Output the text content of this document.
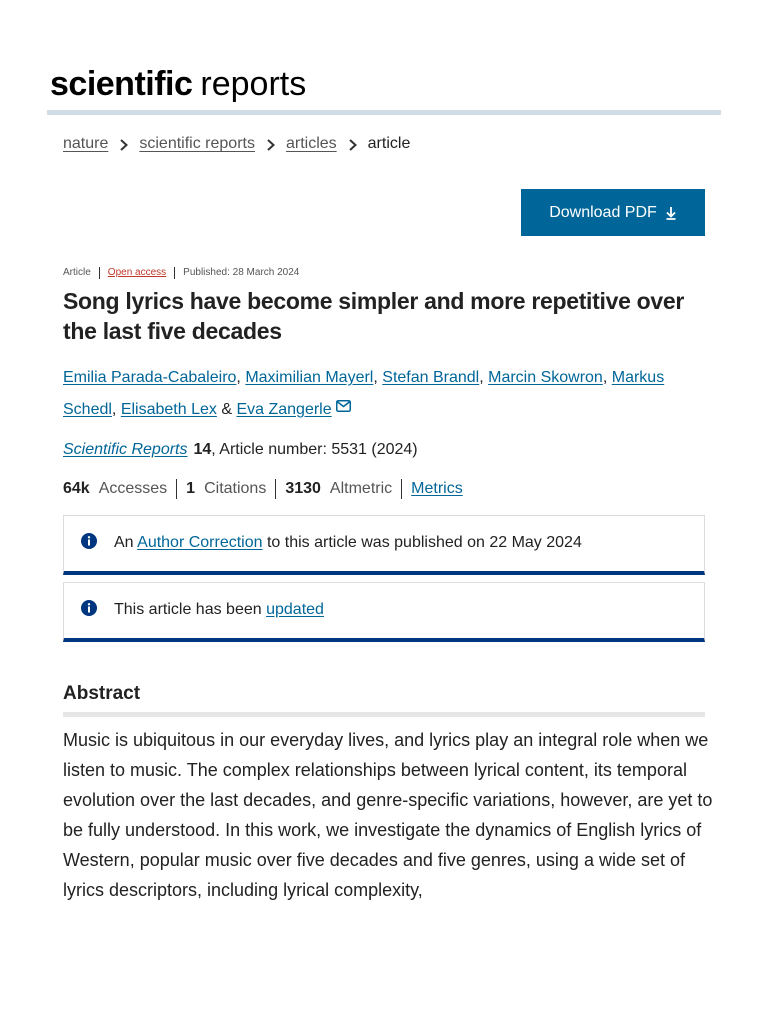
scientific reports
nature scientific reports articles article
Download PDF
Article Open access Published: 28 March 2024
Song lyrics have become simpler and more repetitive over the last five decades
Emilia Parada-Cabaleiro, Maximilian Mayerl, Stefan Brandl, Marcin Skowron, Markus Schedl, Elisabeth Lex & Eva Zangerle
Scientific Reports 14, Article number: 5531 (2024)
64k Accesses 1 Citations 3130 Altmetric Metrics
An Author Correction to this article was published on 22 May 2024
This article has been updated
Abstract

Music is ubiquitous in our everyday lives, and lyrics play an integral role when we listen to music. The complex relationships between lyrical content, its temporal evolution over the last decades, and genre-specific variations, however, are yet to be fully understood. In this work, we investigate the dynamics of English lyrics of Western, popular music over five decades and five genres, using a wide set of lyrics descriptors, including lyrical complexity,
